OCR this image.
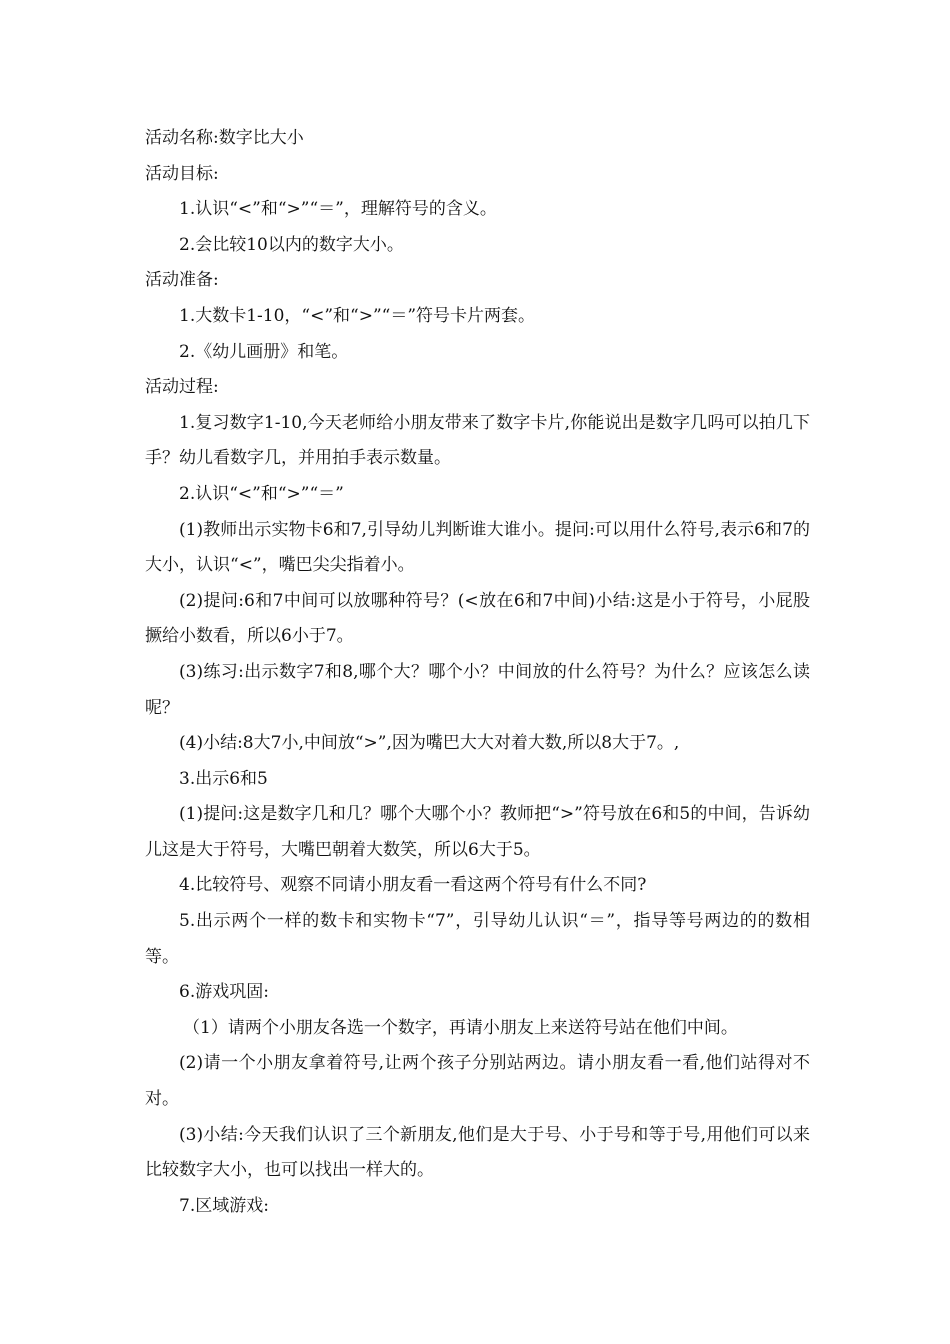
活动名称:数字比大小

活动目标:

1.认识“<”和“>”“＝”，理解符号的含义。

2.会比较10以内的数字大小。

活动准备:

1.大数卡1-10，“<”和“>”“＝”符号卡片两套。

2.《幼儿画册》和笔。

活动过程:

1.复习数字1-10,今天老师给小朋友带来了数字卡片,你能说出是数字几吗可以拍几下手？幼儿看数字几，并用拍手表示数量。

2.认识“<”和“>”“＝”

(1)教师出示实物卡6和7,引导幼儿判断谁大谁小。提问:可以用什么符号,表示6和7的大小，认识“<”，嘴巴尖尖指着小。

(2)提问:6和7中间可以放哪种符号？(<放在6和7中间)小结:这是小于符号，小屁股撅给小数看，所以6小于7。

(3)练习:出示数字7和8,哪个大？哪个小？中间放的什么符号？为什么？应该怎么读呢？

(4)小结:8大7小,中间放“>”,因为嘴巴大大对着大数,所以8大于7。,

3.出示6和5

(1)提问:这是数字几和几？哪个大哪个小？教师把“>”符号放在6和5的中间，告诉幼儿这是大于符号，大嘴巴朝着大数笑，所以6大于5。

4.比较符号、观察不同请小朋友看一看这两个符号有什么不同?

5.出示两个一样的数卡和实物卡“7”，引导幼儿认识“＝”，指导等号两边的的数相等。

6.游戏巩固:

（1）请两个小朋友各选一个数字，再请小朋友上来送符号站在他们中间。

(2)请一个小朋友拿着符号,让两个孩子分别站两边。请小朋友看一看,他们站得对不对。

(3)小结:今天我们认识了三个新朋友,他们是大于号、小于号和等于号,用他们可以来比较数字大小，也可以找出一样大的。

7.区域游戏:
